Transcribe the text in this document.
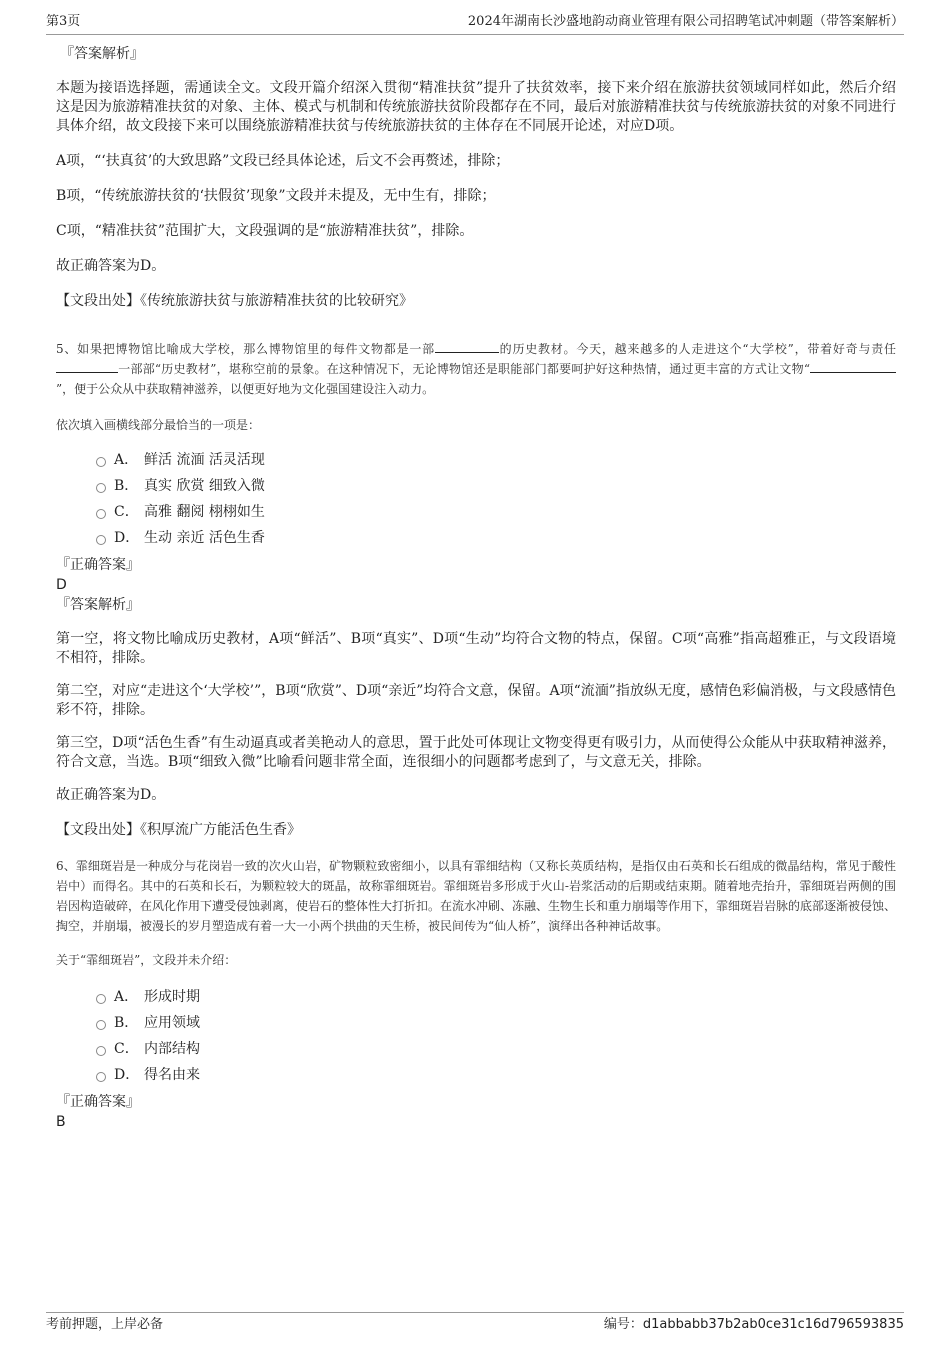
第3页	2024年湖南长沙盛地韵动商业管理有限公司招聘笔试冲刺题（带答案解析）

『答案解析』

本题为接语选择题，需通读全文。文段开篇介绍深入贯彻“精准扶贫”提升了扶贫效率，接下来介绍在旅游扶贫领域同样如此，然后介绍这是因为旅游精准扶贫的对象、主体、模式与机制和传统旅游扶贫阶段都存在不同，最后对旅游精准扶贫与传统旅游扶贫的对象不同进行具体介绍，故文段接下来可以围绕旅游精准扶贫与传统旅游扶贫的主体存在不同展开论述，对应D项。

A项，“‘扶真贫’的大致思路”文段已经具体论述，后文不会再赘述，排除；

B项，“传统旅游扶贫的‘扶假贫’现象”文段并未提及，无中生有，排除；

C项，“精准扶贫”范围扩大，文段强调的是“旅游精准扶贫”，排除。

故正确答案为D。

【文段出处】《传统旅游扶贫与旅游精准扶贫的比较研究》

5、如果把博物馆比喻成大学校，那么博物馆里的每件文物都是一部	的历史教材。今天，越来越多的人走进这个“大学校”，带着好奇与责任一部部“历史教材”，堪称空前的景象。在这种情况下，无论博物馆还是职能部门都要呵护好这种热情，通过更丰富的方式让文物“”，便于公众从中获取精神滋养，以便更好地为文化强国建设注入动力。

依次填入画横线部分最恰当的一项是：

A． 鲜活 流湎 活灵活现
B． 真实 欣赏 细致入微
C． 高雅 翻阅 栩栩如生
D． 生动 亲近 活色生香

『正确答案』

D

『答案解析』

第一空，将文物比喻成历史教材，A项“鲜活”、B项“真实”、D项“生动”均符合文物的特点，保留。C项“高雅”指高超雅正，与文段语境不相符，排除。

第二空，对应“走进这个‘大学校’”，B项“欣赏”、D项“亲近”均符合文意，保留。A项“流湎”指放纵无度，感情色彩偏消极，与文段感情色彩不符，排除。

第三空，D项“活色生香”有生动逼真或者美艳动人的意思，置于此处可体现让文物变得更有吸引力，从而使得公众能从中获取精神滋养，符合文意，当选。B项“细致入微”比喻看问题非常全面，连很细小的问题都考虑到了，与文意无关，排除。

故正确答案为D。

【文段出处】《积厚流广方能活色生香》

6、霏细斑岩是一种成分与花岗岩一致的次火山岩，矿物颗粒致密细小，以具有霏细结构（又称长英质结构，是指仅由石英和长石组成的微晶结构，常见于酸性岩中）而得名。其中的石英和长石，为颗粒较大的斑晶，故称霏细斑岩。霏细斑岩多形成于火山-岩浆活动的后期或结束期。随着地壳抬升，霏细斑岩两侧的围岩因构造破碎，在风化作用下遭受侵蚀剥离，使岩石的整体性大打折扣。在流水冲刷、冻融、生物生长和重力崩塌等作用下，霏细斑岩岩脉的底部逐渐被侵蚀、掏空，并崩塌，被漫长的岁月塑造成有着一大一小两个拱曲的天生桥，被民间传为“仙人桥”，演绎出各种神话故事。

关于“霏细斑岩”，文段并未介绍：

A． 形成时期
B． 应用领域
C． 内部结构
D． 得名由来

『正确答案』

B

考前押题，上岸必备	编号：d1abbabb37b2ab0ce31c16d796593835
